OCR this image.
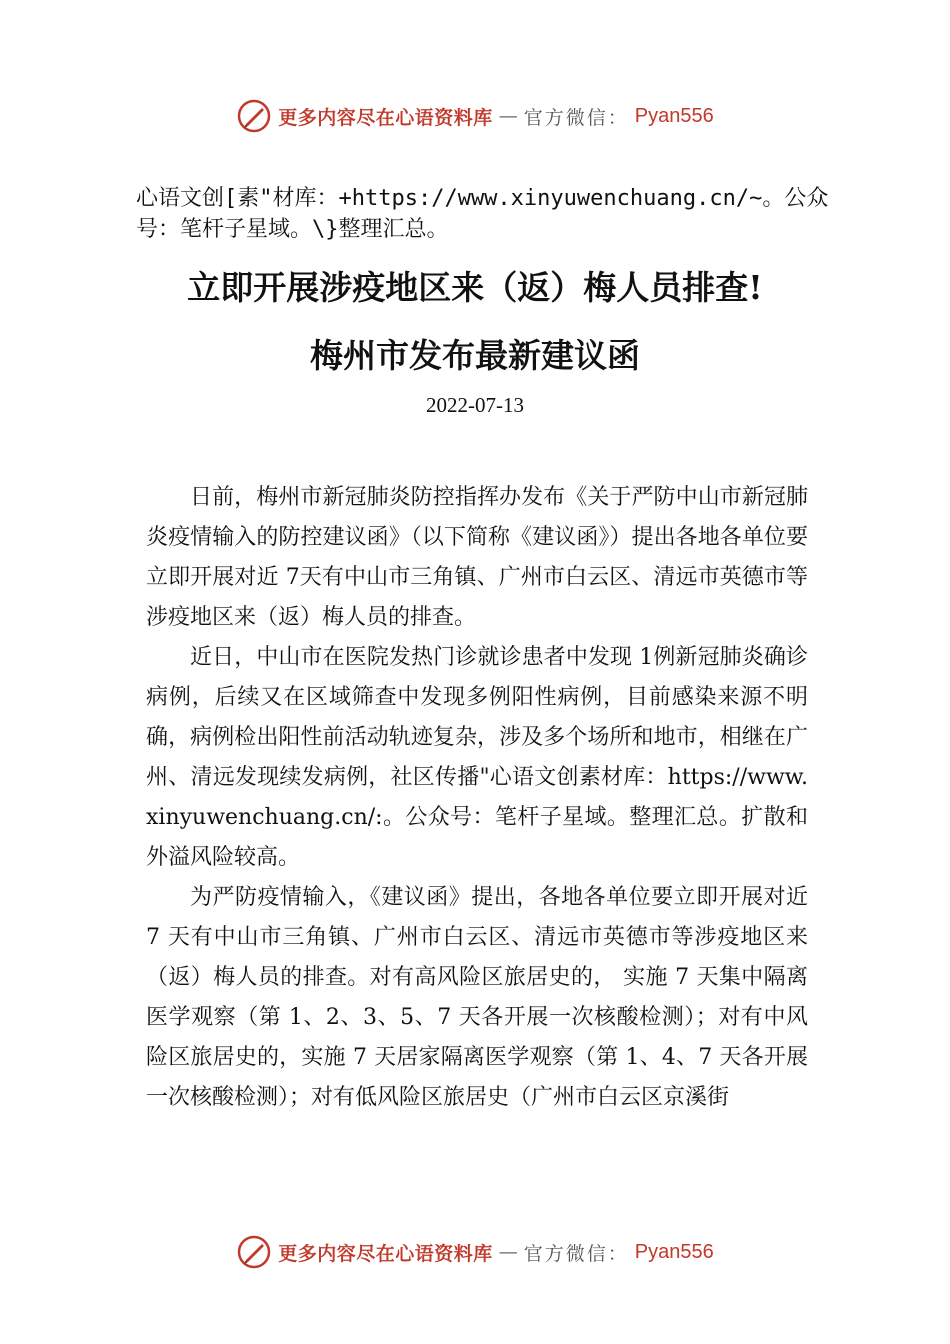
更多内容尽在心语资料库 — 官方微信： Pyan556
心语文创[素"材库：+https://www.xinyuwenchuang.cn/~。公众号：笔杆子星域。\}整理汇总。
立即开展涉疫地区来（返）梅人员排查!
梅州市发布最新建议函
2022-07-13

日前，梅州市新冠肺炎防控指挥办发布《关于严防中山市新冠肺炎疫情输入的防控建议函》（以下简称《建议函》）提出各地各单位要立即开展对近 7天有中山市三角镇、广州市白云区、清远市英德市等涉疫地区来（返）梅人员的排查。

近日，中山市在医院发热门诊就诊患者中发现 1例新冠肺炎确诊病例，后续又在区域筛查中发现多例阳性病例，目前感染来源不明确，病例检出阳性前活动轨迹复杂，涉及多个场所和地市，相继在广州、清远发现续发病例，社区传播"心语文创素材库：https://www.xinyuwenchuang.cn/:。公众号：笔杆子星域。整理汇总。扩散和外溢风险较高。

为严防疫情输入，《建议函》提出，各地各单位要立即开展对近 7 天有中山市三角镇、广州市白云区、清远市英德市等涉疫地区来（返）梅人员的排查。对有高风险区旅居史的， 实施 7 天集中隔离医学观察（第 1、2、3、5、7 天各开展一次核酸检测）；对有中风险区旅居史的，实施 7 天居家隔离医学观察（第 1、4、7 天各开展一次核酸检测）；对有低风险区旅居史（广州市白云区京溪街

更多内容尽在心语资料库 — 官方微信： Pyan556
